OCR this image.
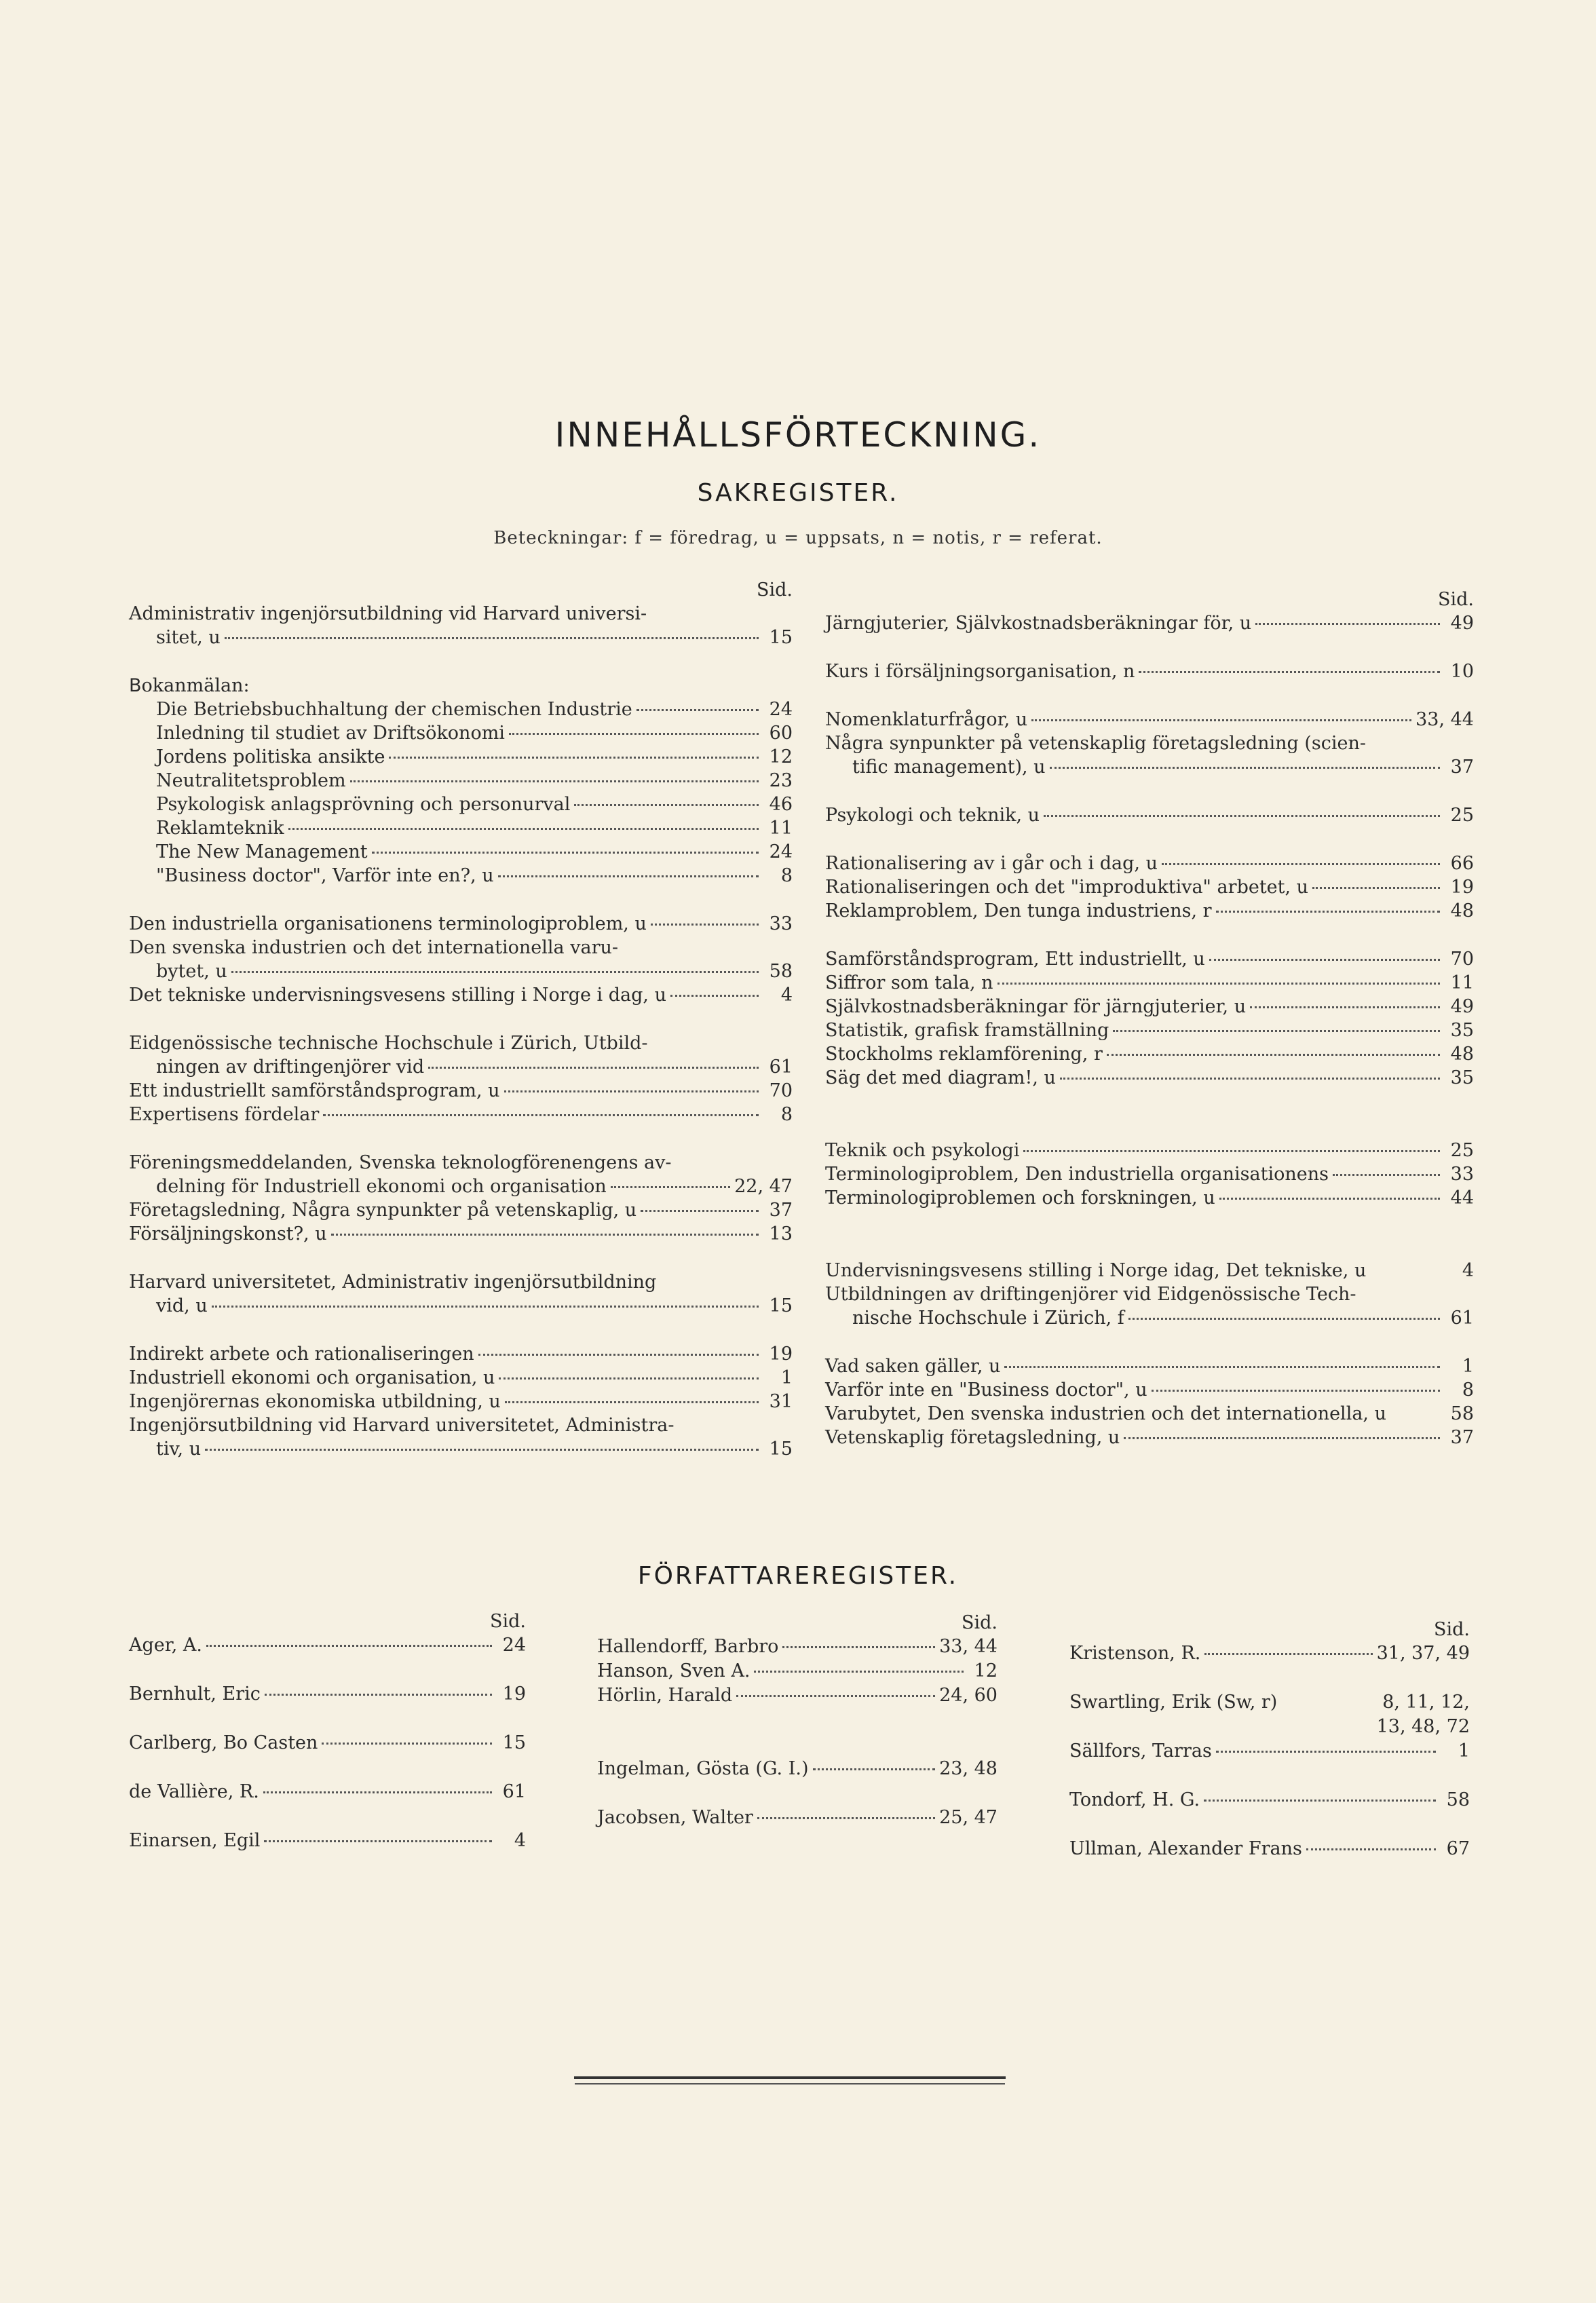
INNEHÅLLSFÖRTECKNING.
SAKREGISTER.
Beteckningar: f = föredrag, u = uppsats, n = notis, r = referat.
Sid.
Administrativ ingenjörsutbildning vid Harvard universi-
sitet, u	15
Bokanmälan:
Die Betriebsbuchhaltung der chemischen Industrie	24
Inledning til studiet av Driftsökonomi	60
Jordens politiska ansikte	12
Neutralitetsproblem	23
Psykologisk anlagsprövning och personurval	46
Reklamteknik	11
The New Management	24
"Business doctor", Varför inte en?, u	8
Den industriella organisationens terminologiproblem, u	33
Den svenska industrien och det internationella varu-
bytet, u	58
Det tekniske undervisningsvesens stilling i Norge i dag, u	4
Eidgenössische technische Hochschule i Zürich, Utbild-
ningen av driftingenjörer vid	61
Ett industriellt samförståndsprogram, u	70
Expertisens fördelar	8
Föreningsmeddelanden, Svenska teknologförenengens av-
delning för Industriell ekonomi och organisation	22, 47
Företagsledning, Några synpunkter på vetenskaplig, u	37
Försäljningskonst?, u	13
Harvard universitetet, Administrativ ingenjörsutbildning
vid, u	15
Indirekt arbete och rationaliseringen	19
Industriell ekonomi och organisation, u	1
Ingenjörernas ekonomiska utbildning, u	31
Ingenjörsutbildning vid Harvard universitetet, Administra-
tiv, u	15
Sid.
Järngjuterier, Självkostnadsberäkningar för, u	49
Kurs i försäljningsorganisation, n	10
Nomenklaturfrågor, u	33, 44
Några synpunkter på vetenskaplig företagsledning (scien-
tific management), u	37
Psykologi och teknik, u	25
Rationalisering av i går och i dag, u	66
Rationaliseringen och det "improduktiva" arbetet, u	19
Reklamproblem, Den tunga industriens, r	48
Samförståndsprogram, Ett industriellt, u	70
Siffror som tala, n	11
Självkostnadsberäkningar för järngjuterier, u	49
Statistik, grafisk framställning	35
Stockholms reklamförening, r	48
Säg det med diagram!, u	35
Teknik och psykologi	25
Terminologiproblem, Den industriella organisationens	33
Terminologiproblemen och forskningen, u	44
Undervisningsvesens stilling i Norge idag, Det tekniske, u	4
Utbildningen av driftingenjörer vid Eidgenössische Tech-
nische Hochschule i Zürich, f	61
Vad saken gäller, u	1
Varför inte en "Business doctor", u	8
Varubytet, Den svenska industrien och det internationella, u	58
Vetenskaplig företagsledning, u	37
FÖRFATTAREREGISTER.
Sid.
Ager, A.	24
Bernhult, Eric	19
Carlberg, Bo Casten	15
de Vallière, R.	61
Einarsen, Egil	4
Sid.
Hallendorff, Barbro	33, 44
Hanson, Sven A.	12
Hörlin, Harald	24, 60
Ingelman, Gösta (G. I.)	23, 48
Jacobsen, Walter	25, 47
Sid.
Kristenson, R.	31, 37, 49
Swartling, Erik (Sw, r)	8, 11, 12,
13, 48, 72
Sällfors, Tarras	1
Tondorf, H. G.	58
Ullman, Alexander Frans	67
